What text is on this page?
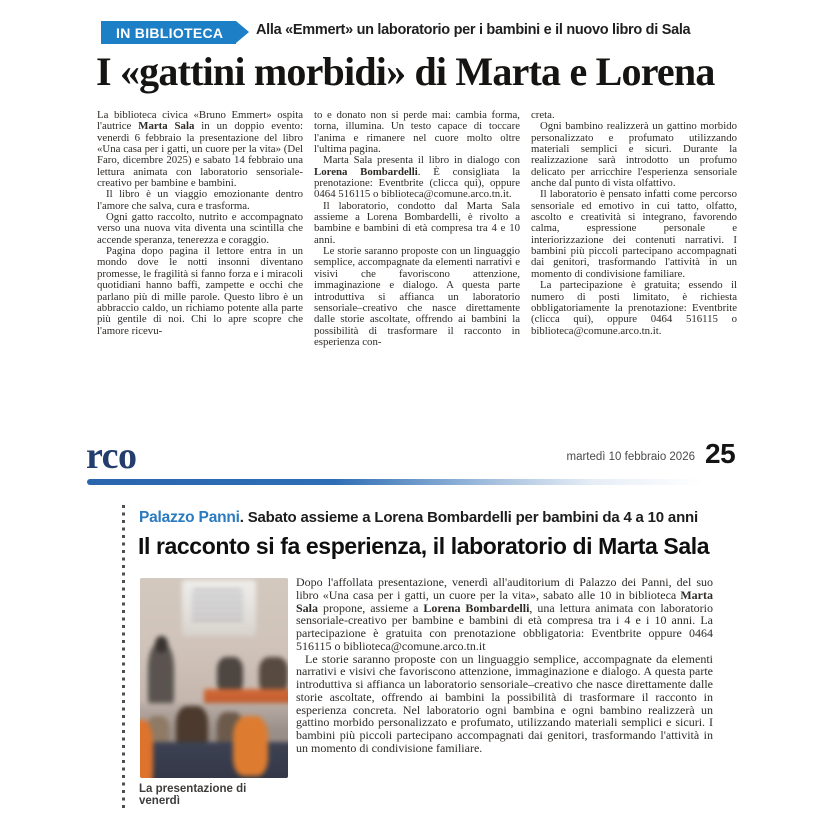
IN BIBLIOTECA	Alla «Emmert» un laboratorio per i bambini e il nuovo libro di Sala
I «gattini morbidi» di Marta e Lorena

La biblioteca civica «Bruno Emmert» ospita l'autrice Marta Sala in un doppio evento: venerdì 6 febbraio la presentazione del libro «Una casa per i gatti, un cuore per la vita» (Del Faro, dicembre 2025) e sabato 14 febbraio una lettura animata con laboratorio sensoriale-creativo per bambine e bambini.

Il libro è un viaggio emozionante dentro l'amore che salva, cura e trasforma.

Ogni gatto raccolto, nutrito e accompagnato verso una nuova vita diventa una scintilla che accende speranza, tenerezza e coraggio.

Pagina dopo pagina il lettore entra in un mondo dove le notti insonni diventano promesse, le fragilità si fanno forza e i miracoli quotidiani hanno baffi, zampette e occhi che parlano più di mille parole. Questo libro è un abbraccio caldo, un richiamo potente alla parte più gentile di noi. Chi lo apre scopre che l'amore ricevu-

to e donato non si perde mai: cambia forma, torna, illumina. Un testo capace di toccare l'anima e rimanere nel cuore molto oltre l'ultima pagina.

Marta Sala presenta il libro in dialogo con Lorena Bombardelli. È consigliata la prenotazione: Eventbrite (clicca qui), oppure 0464 516115 o biblioteca@comune.arco.tn.it.

Il laboratorio, condotto dal Marta Sala assieme a Lorena Bombardelli, è rivolto a bambine e bambini di età compresa tra 4 e 10 anni.

Le storie saranno proposte con un linguaggio semplice, accompagnate da elementi narrativi e visivi che favoriscono attenzione, immaginazione e dialogo. A questa parte introduttiva si affianca un laboratorio sensoriale–creativo che nasce direttamente dalle storie ascoltate, offrendo ai bambini la possibilità di trasformare il racconto in esperienza con-

creta.

Ogni bambino realizzerà un gattino morbido personalizzato e profumato utilizzando materiali semplici e sicuri. Durante la realizzazione sarà introdotto un profumo delicato per arricchire l'esperienza sensoriale anche dal punto di vista olfattivo.

Il laboratorio è pensato infatti come percorso sensoriale ed emotivo in cui tatto, olfatto, ascolto e creatività si integrano, favorendo calma, espressione personale e interiorizzazione dei contenuti narrativi. I bambini più piccoli partecipano accompagnati dai genitori, trasformando l'attività in un momento di condivisione familiare.

La partecipazione è gratuita; essendo il numero di posti limitato, è richiesta obbligatoriamente la prenotazione: Eventbrite (clicca qui), oppure 0464 516115 o biblioteca@comune.arco.tn.it.

rco	martedì 10 febbraio 2026 25
Palazzo Panni. Sabato assieme a Lorena Bombardelli per bambini da 4 a 10 anni
Il racconto si fa esperienza, il laboratorio di Marta Sala
La presentazione di venerdì

Dopo l'affollata presentazione, venerdì all'auditorium di Palazzo dei Panni, del suo libro «Una casa per i gatti, un cuore per la vita», sabato alle 10 in biblioteca Marta Sala propone, assieme a Lorena Bombardelli, una lettura animata con laboratorio sensoriale-creativo per bambine e bambini di età compresa tra i 4 e i 10 anni. La partecipazione è gratuita con prenotazione obbligatoria: Eventbrite oppure 0464 516115 o biblioteca@comune.arco.tn.it

Le storie saranno proposte con un linguaggio semplice, accompagnate da elementi narrativi e visivi che favoriscono attenzione, immaginazione e dialogo. A questa parte introduttiva si affianca un laboratorio sensoriale–creativo che nasce direttamente dalle storie ascoltate, offrendo ai bambini la possibilità di trasformare il racconto in esperienza concreta. Nel laboratorio ogni bambina e ogni bambino realizzerà un gattino morbido personalizzato e profumato, utilizzando materiali semplici e sicuri. I bambini più piccoli partecipano accompagnati dai genitori, trasformando l'attività in un momento di condivisione familiare.
